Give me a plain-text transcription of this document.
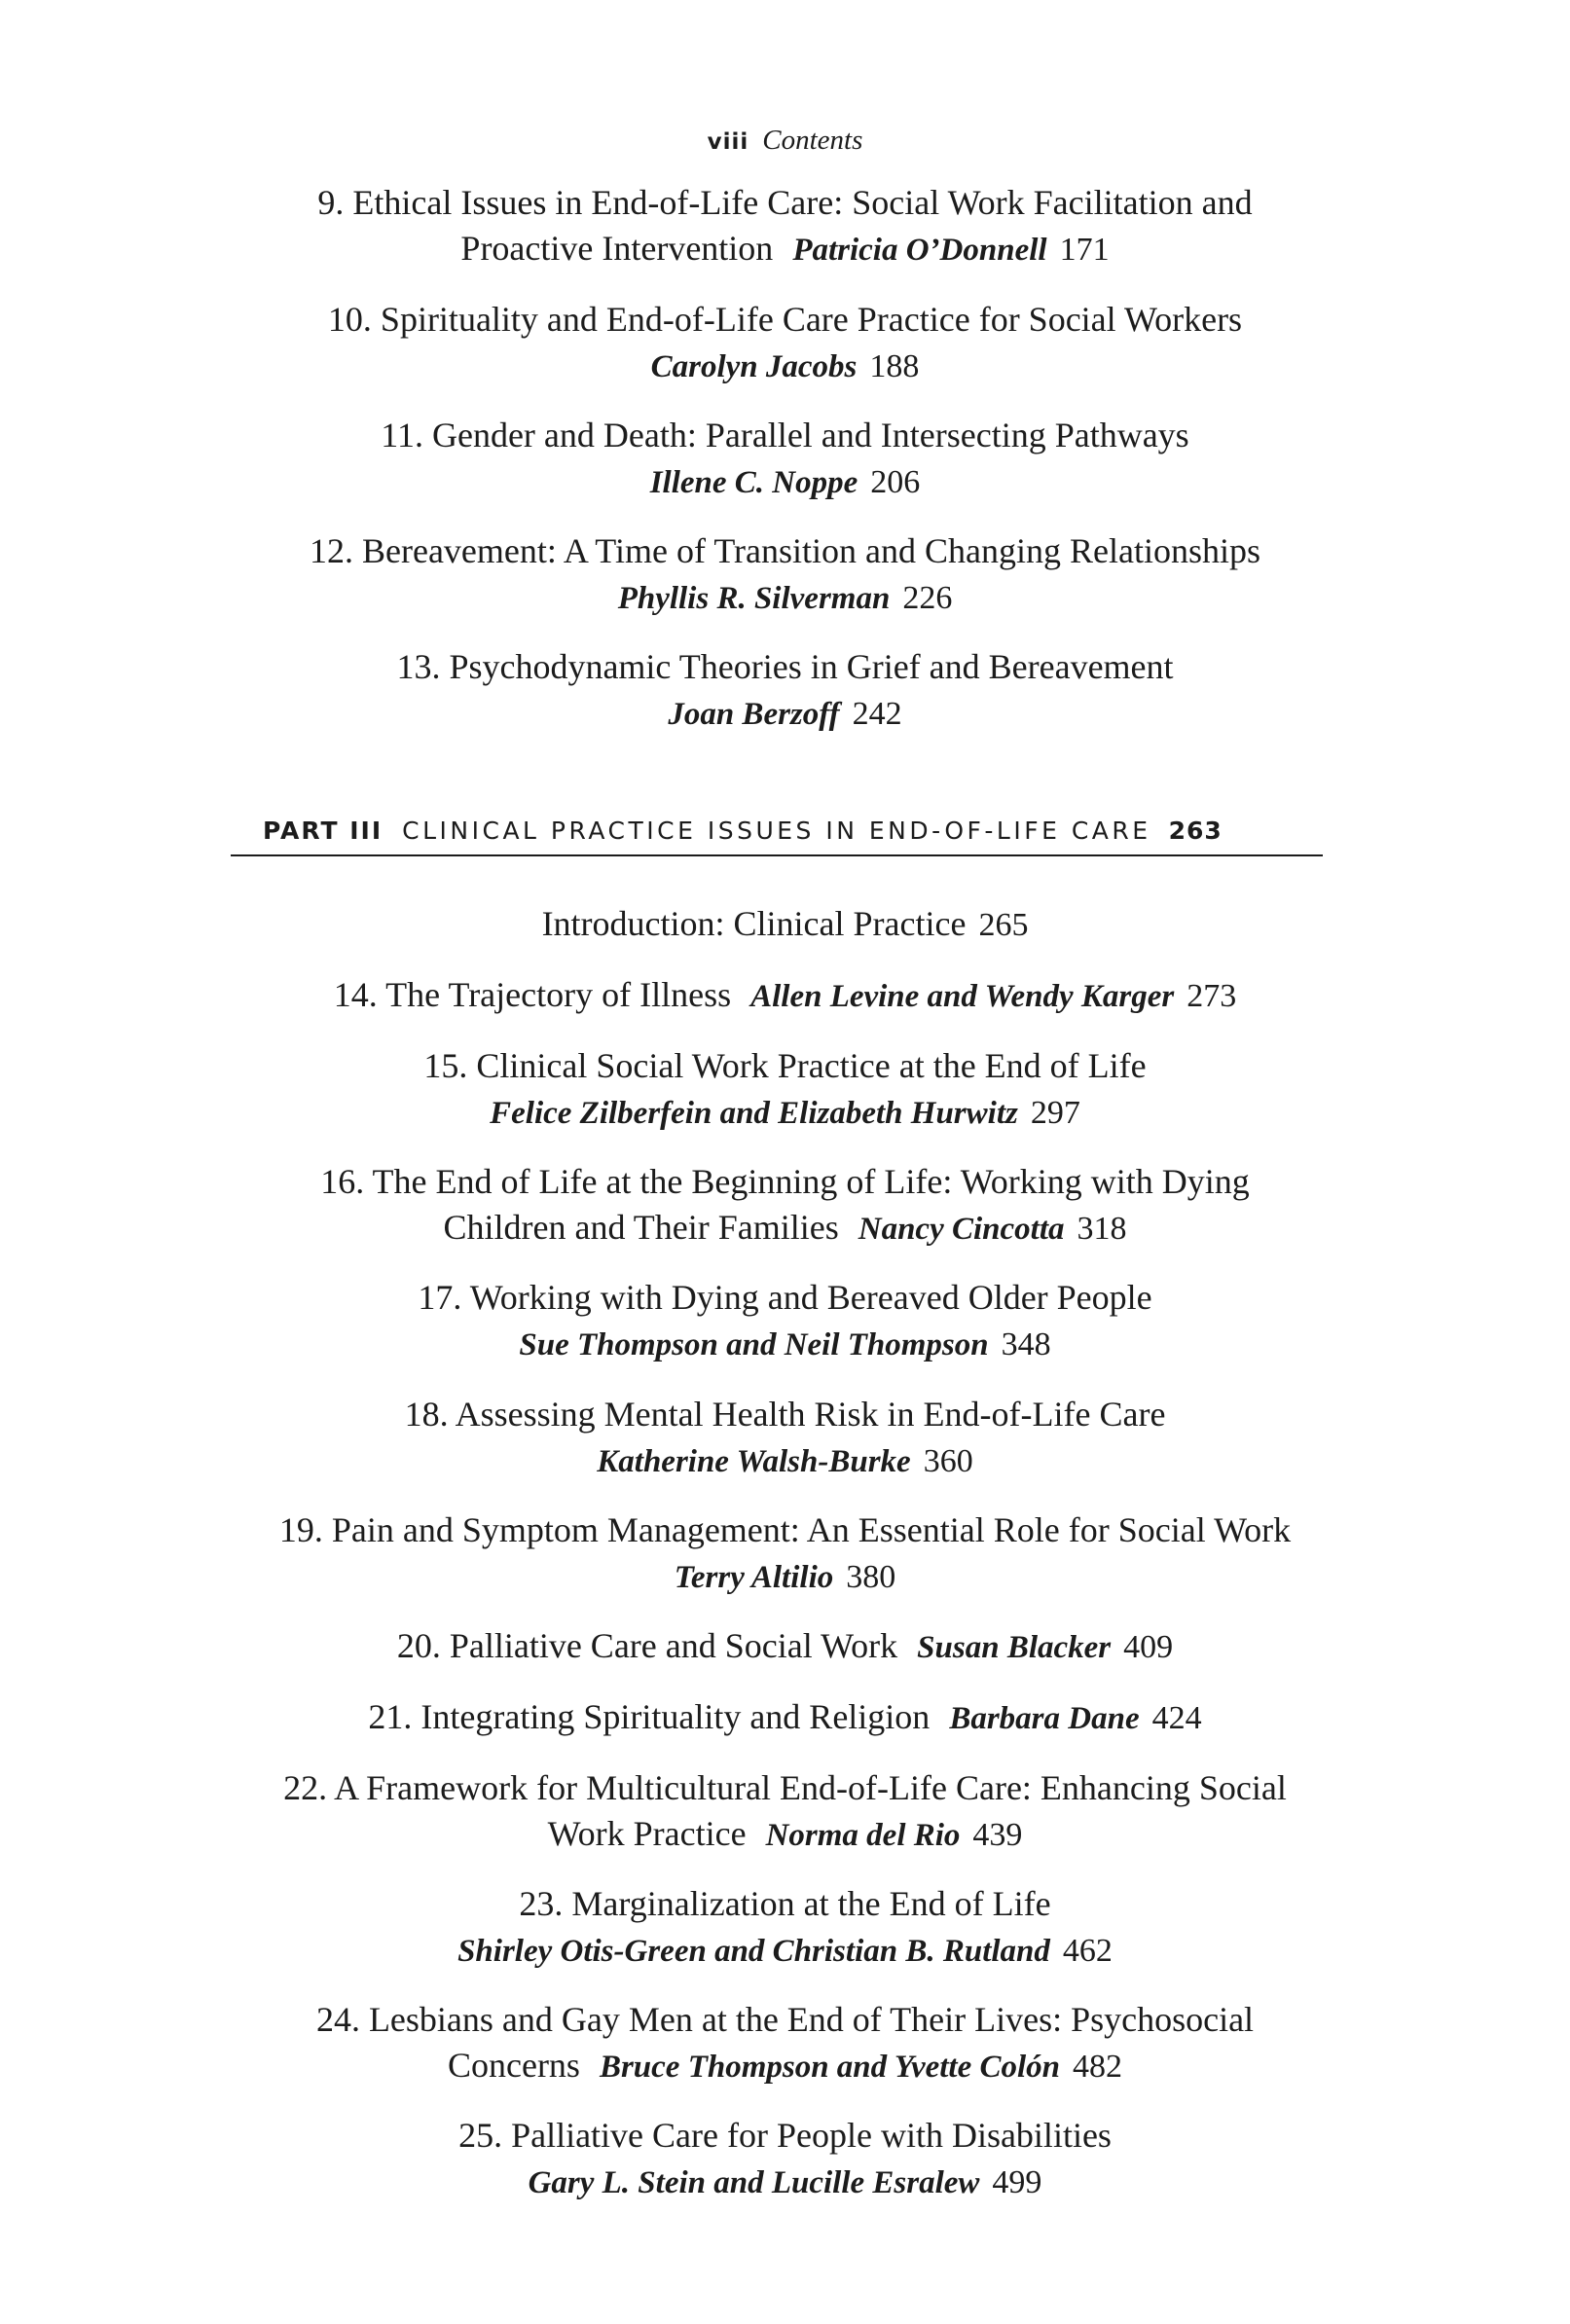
viii Contents

9. Ethical Issues in End-of-Life Care: Social Work Facilitation and

Proactive Intervention Patricia O’Donnell 171

10. Spirituality and End-of-Life Care Practice for Social Workers

Carolyn Jacobs 188

11. Gender and Death: Parallel and Intersecting Pathways

Illene C. Noppe 206

12. Bereavement: A Time of Transition and Changing Relationships

Phyllis R. Silverman 226

13. Psychodynamic Theories in Grief and Bereavement

Joan Berzoff 242

PART III CLINICAL PRACTICE ISSUES IN END-OF-LIFE CARE 263

Introduction: Clinical Practice 265

14. The Trajectory of Illness Allen Levine and Wendy Karger 273

15. Clinical Social Work Practice at the End of Life

Felice Zilberfein and Elizabeth Hurwitz 297

16. The End of Life at the Beginning of Life: Working with Dying

Children and Their Families Nancy Cincotta 318

17. Working with Dying and Bereaved Older People

Sue Thompson and Neil Thompson 348

18. Assessing Mental Health Risk in End-of-Life Care

Katherine Walsh-Burke 360

19. Pain and Symptom Management: An Essential Role for Social Work

Terry Altilio 380

20. Palliative Care and Social Work Susan Blacker 409

21. Integrating Spirituality and Religion Barbara Dane 424

22. A Framework for Multicultural End-of-Life Care: Enhancing Social

Work Practice Norma del Rio 439

23. Marginalization at the End of Life

Shirley Otis-Green and Christian B. Rutland 462

24. Lesbians and Gay Men at the End of Their Lives: Psychosocial

Concerns Bruce Thompson and Yvette Colón 482

25. Palliative Care for People with Disabilities

Gary L. Stein and Lucille Esralew 499
